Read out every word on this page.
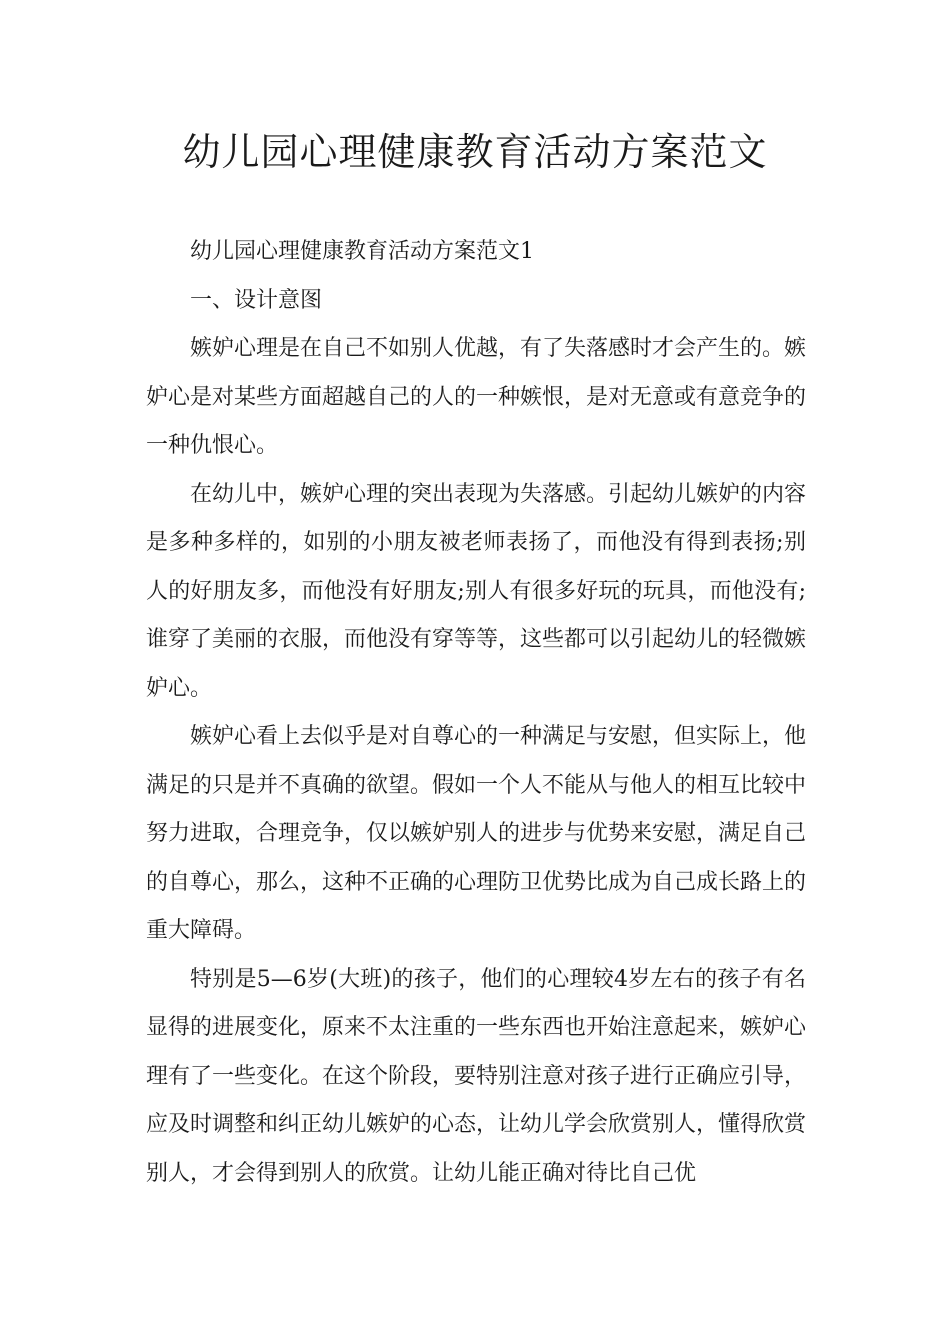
幼儿园心理健康教育活动方案范文

幼儿园心理健康教育活动方案范文1

一、设计意图

嫉妒心理是在自己不如别人优越，有了失落感时才会产生的。嫉妒心是对某些方面超越自己的人的一种嫉恨，是对无意或有意竞争的一种仇恨心。

在幼儿中，嫉妒心理的突出表现为失落感。引起幼儿嫉妒的内容是多种多样的，如别的小朋友被老师表扬了，而他没有得到表扬;别人的好朋友多，而他没有好朋友;别人有很多好玩的玩具，而他没有;谁穿了美丽的衣服，而他没有穿等等，这些都可以引起幼儿的轻微嫉妒心。

嫉妒心看上去似乎是对自尊心的一种满足与安慰，但实际上，他满足的只是并不真确的欲望。假如一个人不能从与他人的相互比较中努力进取，合理竞争，仅以嫉妒别人的进步与优势来安慰，满足自己的自尊心，那么，这种不正确的心理防卫优势比成为自己成长路上的重大障碍。

特别是5—6岁(大班)的孩子，他们的心理较4岁左右的孩子有名显得的进展变化，原来不太注重的一些东西也开始注意起来，嫉妒心理有了一些变化。在这个阶段，要特别注意对孩子进行正确应引导，应及时调整和纠正幼儿嫉妒的心态，让幼儿学会欣赏别人，懂得欣赏别人，才会得到别人的欣赏。让幼儿能正确对待比自己优
